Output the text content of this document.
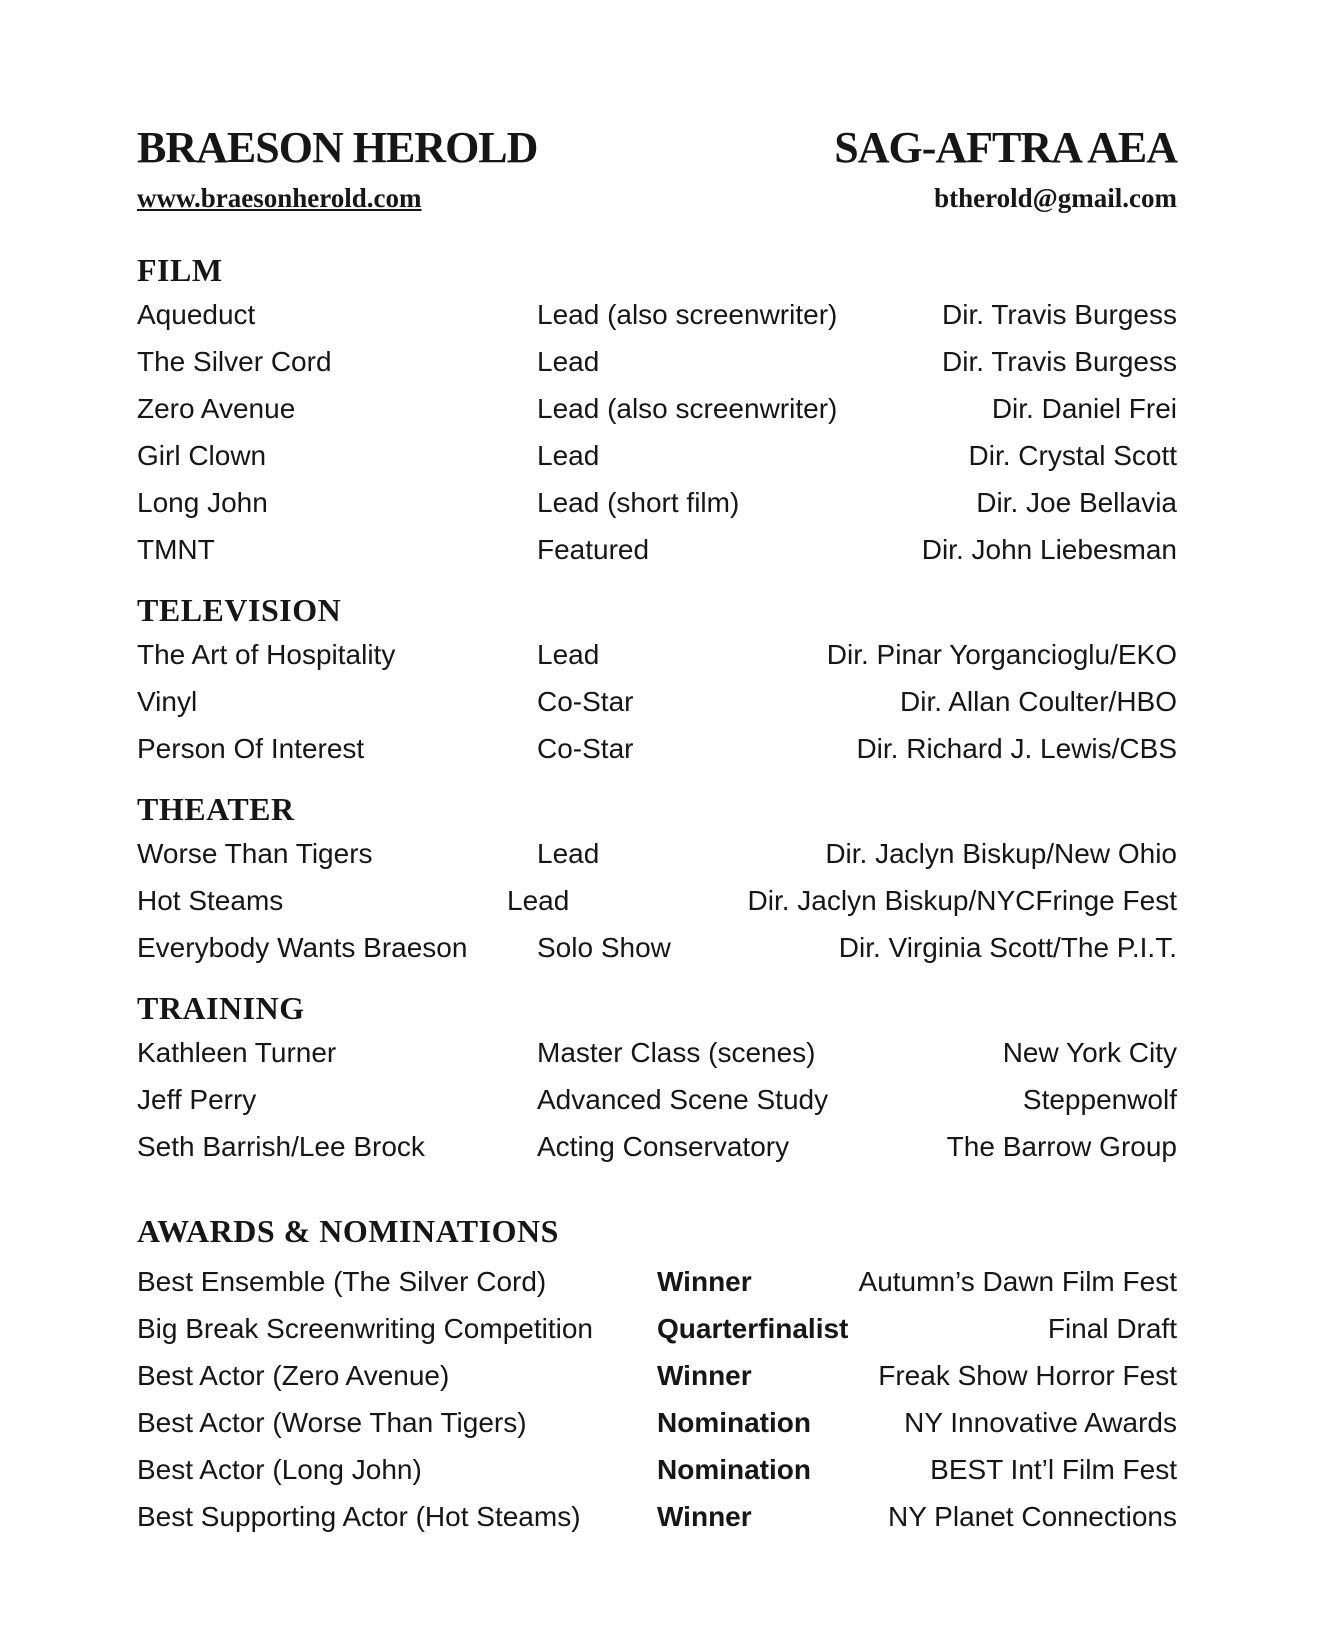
BRAESON HEROLD	SAG-AFTRA AEA
www.braesonherold.com	btherold@gmail.com
FILM
Aqueduct	Lead (also screenwriter)	Dir. Travis Burgess
The Silver Cord	Lead	Dir. Travis Burgess
Zero Avenue	Lead (also screenwriter)	Dir. Daniel Frei
Girl Clown	Lead	Dir. Crystal Scott
Long John	Lead (short film)	Dir. Joe Bellavia
TMNT	Featured	Dir. John Liebesman
TELEVISION
The Art of Hospitality	Lead	Dir. Pinar Yorgancioglu/EKO
Vinyl	Co-Star	Dir. Allan Coulter/HBO
Person Of Interest	Co-Star	Dir. Richard J. Lewis/CBS
THEATER
Worse Than Tigers	Lead	Dir. Jaclyn Biskup/New Ohio
Hot Steams	Lead	Dir. Jaclyn Biskup/NYCFringe Fest
Everybody Wants Braeson	Solo Show	Dir. Virginia Scott/The P.I.T.
TRAINING
Kathleen Turner	Master Class (scenes)	New York City
Jeff Perry	Advanced Scene Study	Steppenwolf
Seth Barrish/Lee Brock	Acting Conservatory	The Barrow Group
AWARDS & NOMINATIONS
Best Ensemble (The Silver Cord)	Winner	Autumn’s Dawn Film Fest
Big Break Screenwriting Competition	Quarterfinalist	Final Draft
Best Actor (Zero Avenue)	Winner	Freak Show Horror Fest
Best Actor (Worse Than Tigers)	Nomination	NY Innovative Awards
Best Actor (Long John)	Nomination	BEST Int’l Film Fest
Best Supporting Actor (Hot Steams)	Winner	NY Planet Connections
